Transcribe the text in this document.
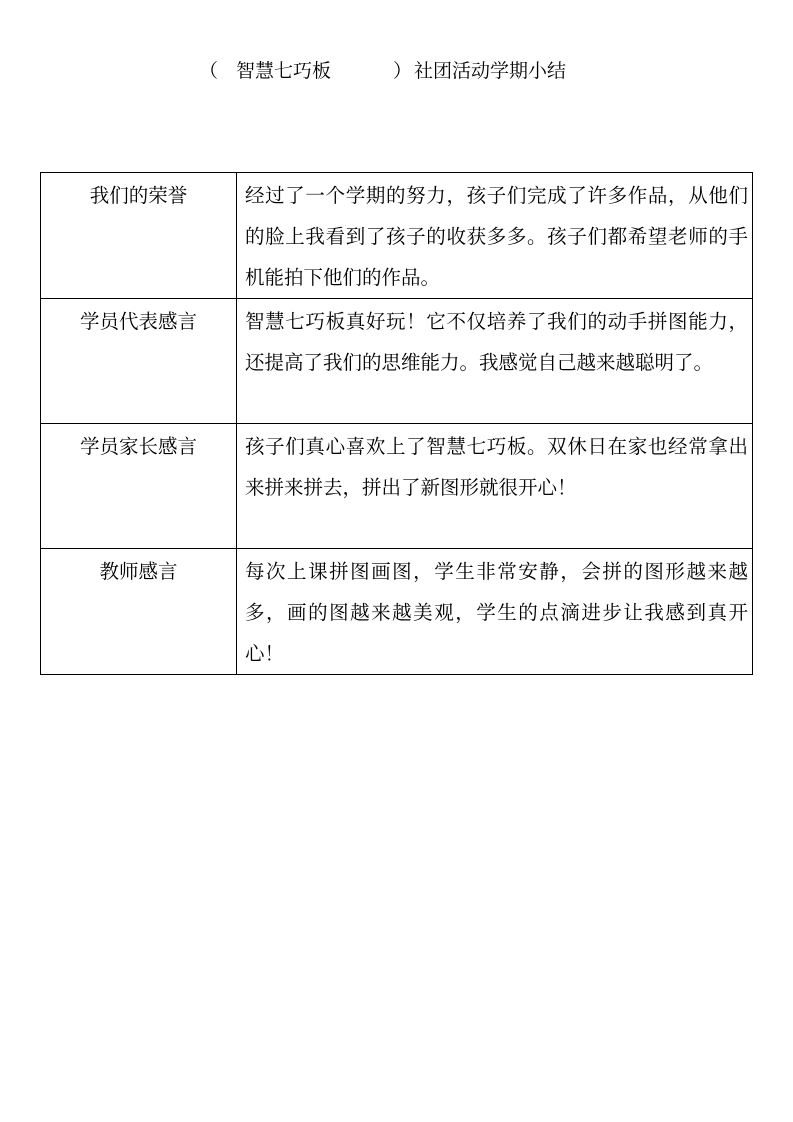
（ 智慧七巧板	） 社团活动学期小结
我们的荣誉	经过了一个学期的努力，孩子们完成了许多作品，从他们的脸上我看到了孩子的收获多多。孩子们都希望老师的手机能拍下他们的作品。
学员代表感言	智慧七巧板真好玩！它不仅培养了我们的动手拼图能力，还提高了我们的思维能力。我感觉自己越来越聪明了。
学员家长感言	孩子们真心喜欢上了智慧七巧板。双休日在家也经常拿出来拼来拼去，拼出了新图形就很开心！
教师感言	每次上课拼图画图，学生非常安静，会拼的图形越来越多，画的图越来越美观，学生的点滴进步让我感到真开心！
